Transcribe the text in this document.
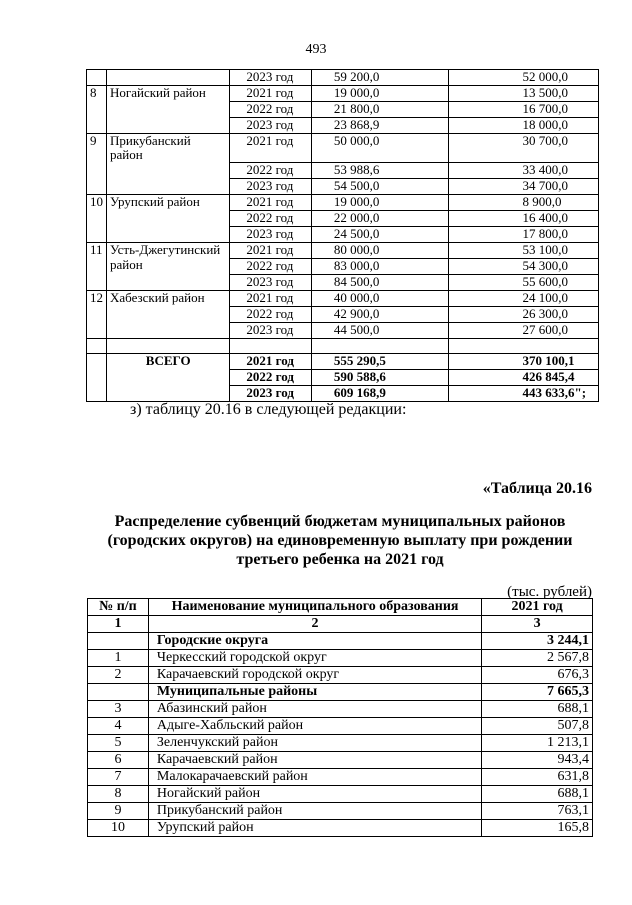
493
		2023 год	59 200,0	52 000,0
8	Ногайский район	2021 год	19 000,0	13 500,0
		2022 год	21 800,0	16 700,0
		2023 год	23 868,9	18 000,0
9	Прикубанский район	2021 год	50 000,0	30 700,0
		2022 год	53 988,6	33 400,0
		2023 год	54 500,0	34 700,0
10	Урупский район	2021 год	19 000,0	8 900,0
		2022 год	22 000,0	16 400,0
		2023 год	24 500,0	17 800,0
11	Усть-Джегутинский	2021 год	80 000,0	53 100,0
	район	2022 год	83 000,0	54 300,0
		2023 год	84 500,0	55 600,0
12	Хабезский район	2021 год	40 000,0	24 100,0
		2022 год	42 900,0	26 300,0
		2023 год	44 500,0	27 600,0

	ВСЕГО	2021 год	555 290,5	370 100,1
		2022 год	590 588,6	426 845,4
		2023 год	609 168,9	443 633,6";
з) таблицу 20.16 в следующей редакции:
«Таблица 20.16
Распределение субвенций бюджетам муниципальных районов
(городских округов) на единовременную выплату при рождении
третьего ребенка на 2021 год
(тыс. рублей)
№ п/п	Наименование муниципального образования	2021 год
1	2	3
	Городские округа	3 244,1
1	Черкесский городской округ	2 567,8
2	Карачаевский городской округ	676,3
	Муниципальные районы	7 665,3
3	Абазинский район	688,1
4	Адыге-Хабльский район	507,8
5	Зеленчукский район	1 213,1
6	Карачаевский район	943,4
7	Малокарачаевский район	631,8
8	Ногайский район	688,1
9	Прикубанский район	763,1
10	Урупский район	165,8
